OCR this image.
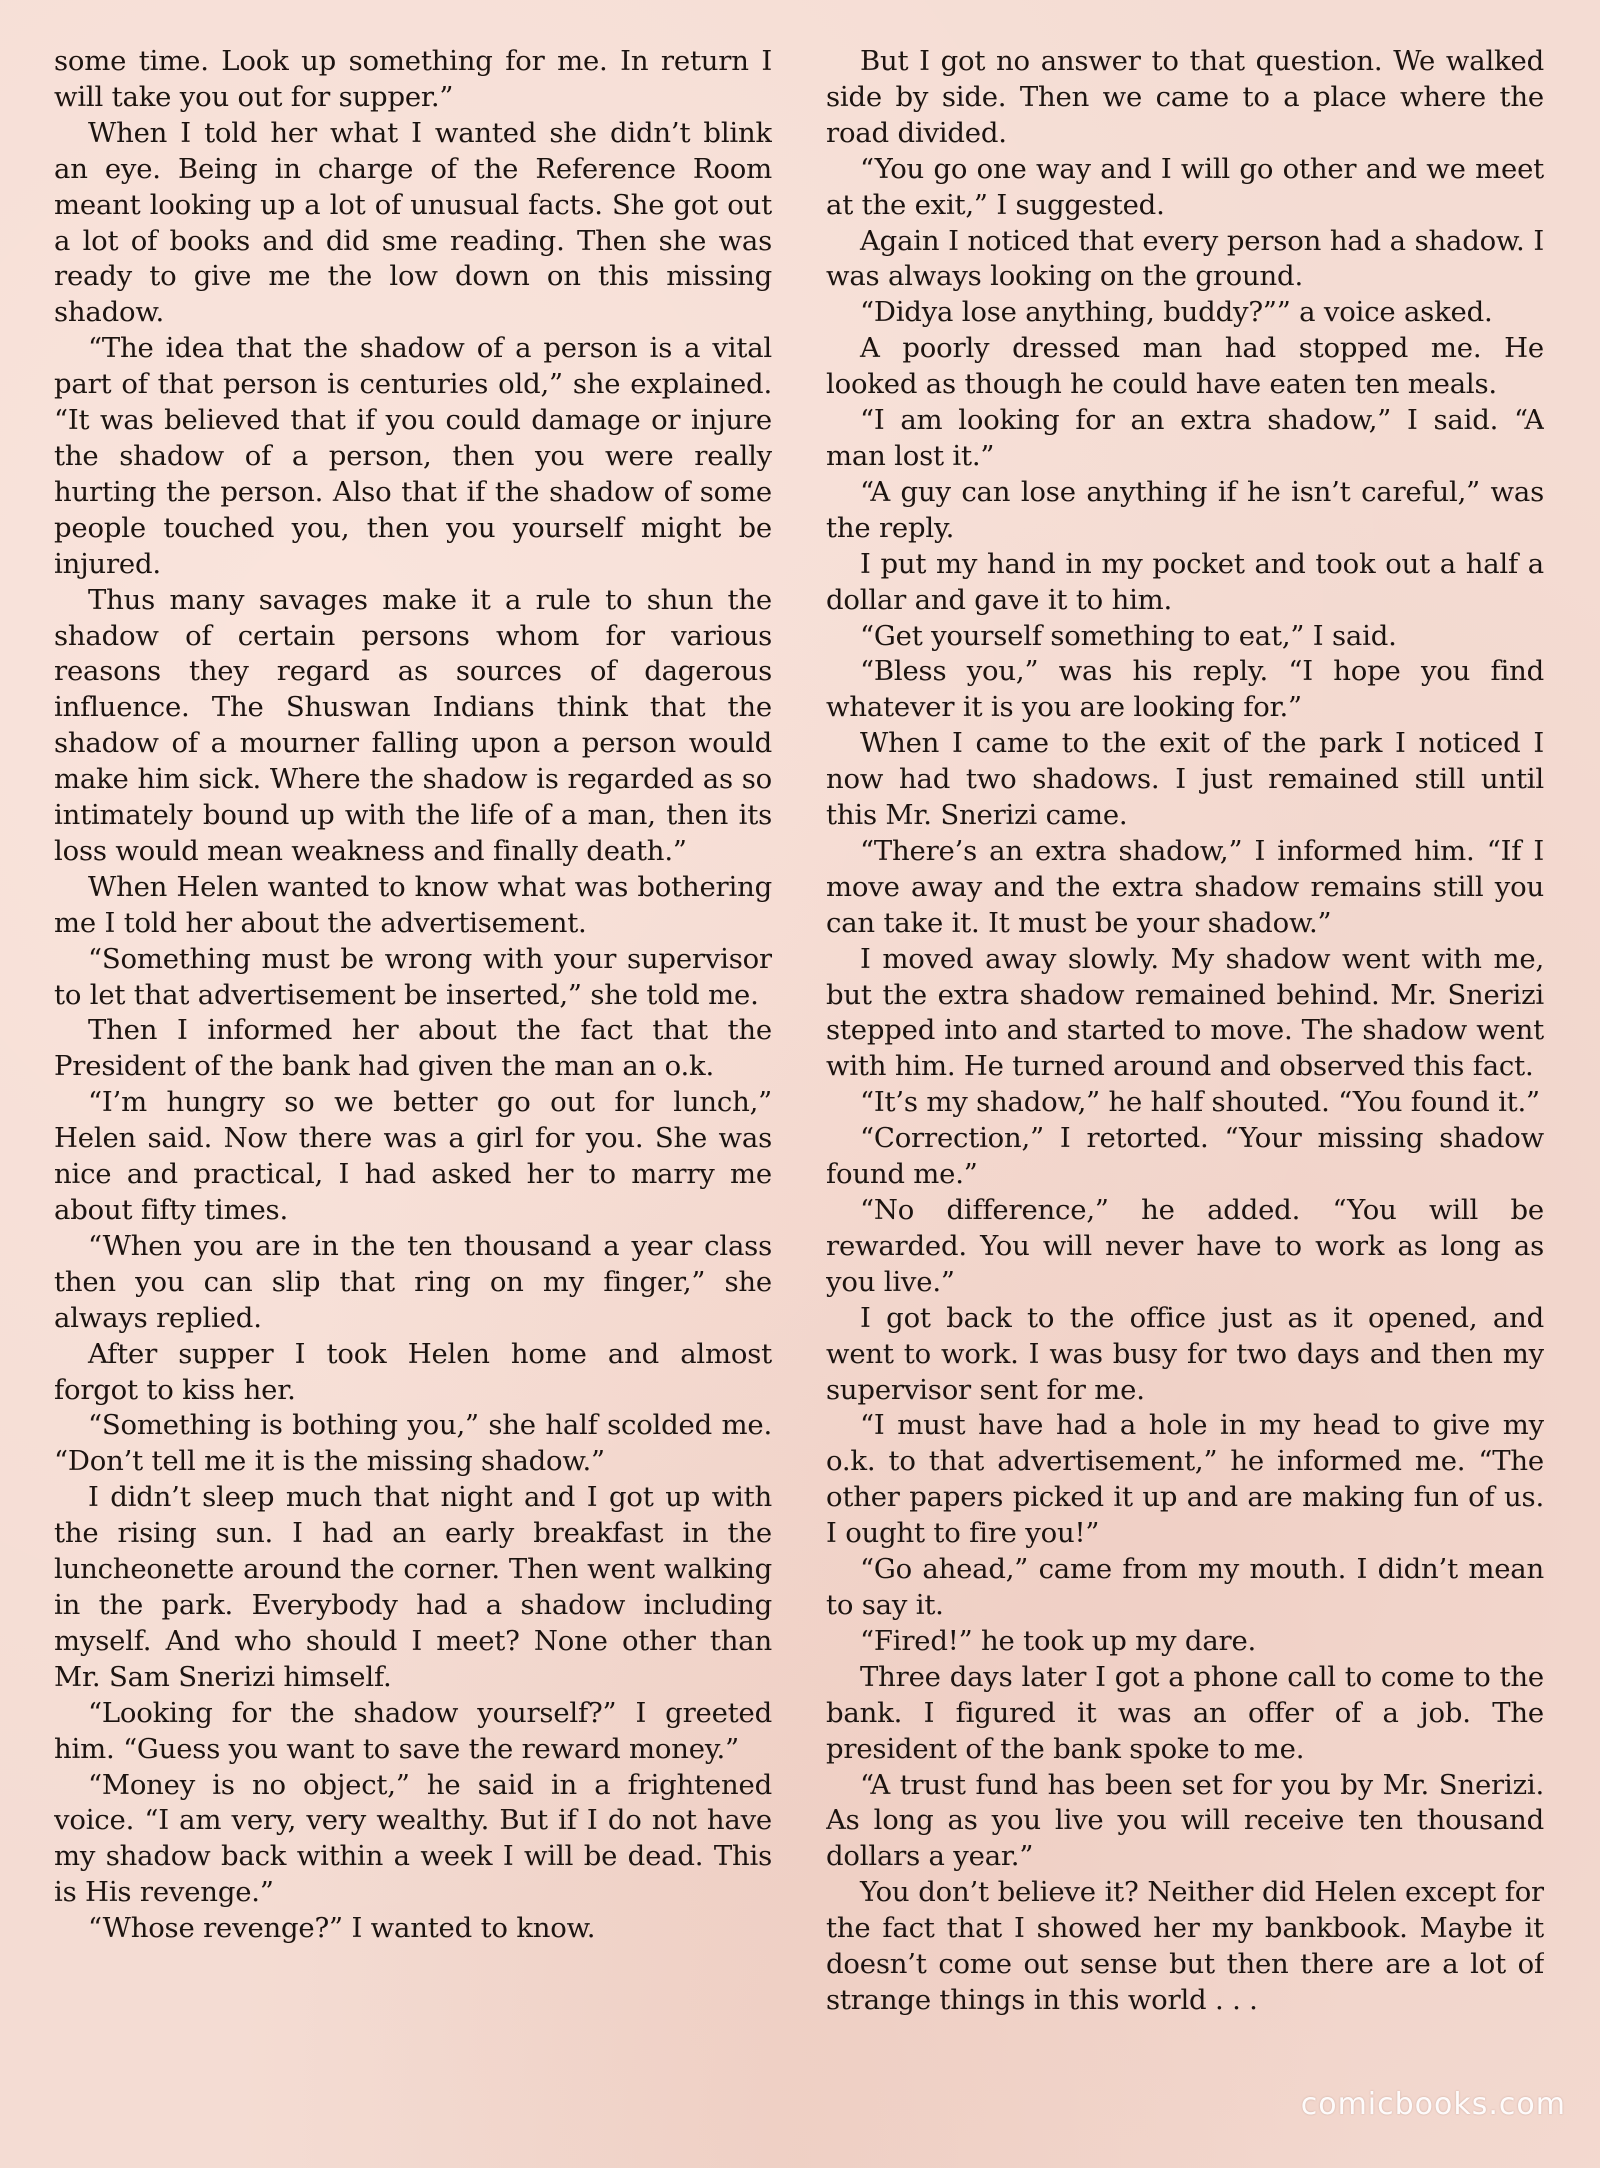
some time. Look up something for me. In return I will take you out for supper.”

When I told her what I wanted she didn’t blink an eye. Being in charge of the Reference Room meant looking up a lot of unusual facts. She got out a lot of books and did sme reading. Then she was ready to give me the low down on this missing shadow.

“The idea that the shadow of a person is a vital part of that person is centuries old,” she explained. “It was believed that if you could damage or injure the shadow of a person, then you were really hurting the person. Also that if the shadow of some people touched you, then you yourself might be injured.

Thus many savages make it a rule to shun the shadow of certain persons whom for various reasons they regard as sources of dagerous influence. The Shuswan Indians think that the shadow of a mourner falling upon a person would make him sick. Where the shadow is regarded as so intimately bound up with the life of a man, then its loss would mean weakness and finally death.”

When Helen wanted to know what was bothering me I told her about the advertisement.

“Something must be wrong with your supervisor to let that advertisement be inserted,” she told me.

Then I informed her about the fact that the President of the bank had given the man an o.k.

“I’m hungry so we better go out for lunch,” Helen said. Now there was a girl for you. She was nice and practical, I had asked her to marry me about fifty times.

“When you are in the ten thousand a year class then you can slip that ring on my finger,” she always replied.

After supper I took Helen home and almost forgot to kiss her.

“Something is bothing you,” she half scolded me. “Don’t tell me it is the missing shadow.”

I didn’t sleep much that night and I got up with the rising sun. I had an early breakfast in the luncheonette around the corner. Then went walking in the park. Everybody had a shadow including myself. And who should I meet? None other than Mr. Sam Snerizi himself.

“Looking for the shadow yourself?” I greeted him. “Guess you want to save the reward money.”

“Money is no object,” he said in a frightened voice. “I am very, very wealthy. But if I do not have my shadow back within a week I will be dead. This is His revenge.”

“Whose revenge?” I wanted to know.

But I got no answer to that question. We walked side by side. Then we came to a place where the road divided.

“You go one way and I will go other and we meet at the exit,” I suggested.

Again I noticed that every person had a shadow. I was always looking on the ground.

“Didya lose anything, buddy?”” a voice asked.

A poorly dressed man had stopped me. He looked as though he could have eaten ten meals.

“I am looking for an extra shadow,” I said. “A man lost it.”

“A guy can lose anything if he isn’t careful,” was the reply.

I put my hand in my pocket and took out a half a dollar and gave it to him.

“Get yourself something to eat,” I said.

“Bless you,” was his reply. “I hope you find whatever it is you are looking for.”

When I came to the exit of the park I noticed I now had two shadows. I just remained still until this Mr. Snerizi came.

“There’s an extra shadow,” I informed him. “If I move away and the extra shadow remains still you can take it. It must be your shadow.”

I moved away slowly. My shadow went with me, but the extra shadow remained behind. Mr. Snerizi stepped into and started to move. The shadow went with him. He turned around and observed this fact.

“It’s my shadow,” he half shouted. “You found it.”

“Correction,” I retorted. “Your missing shadow found me.”

“No difference,” he added. “You will be rewarded. You will never have to work as long as you live.”

I got back to the office just as it opened, and went to work. I was busy for two days and then my supervisor sent for me.

“I must have had a hole in my head to give my o.k. to that advertisement,” he informed me. “The other papers picked it up and are making fun of us. I ought to fire you!”

“Go ahead,” came from my mouth. I didn’t mean to say it.

“Fired!” he took up my dare.

Three days later I got a phone call to come to the bank. I figured it was an offer of a job. The president of the bank spoke to me.

“A trust fund has been set for you by Mr. Snerizi. As long as you live you will receive ten thousand dollars a year.”

You don’t believe it? Neither did Helen except for the fact that I showed her my bankbook. Maybe it doesn’t come out sense but then there are a lot of strange things in this world . . .

comicbooks.com
